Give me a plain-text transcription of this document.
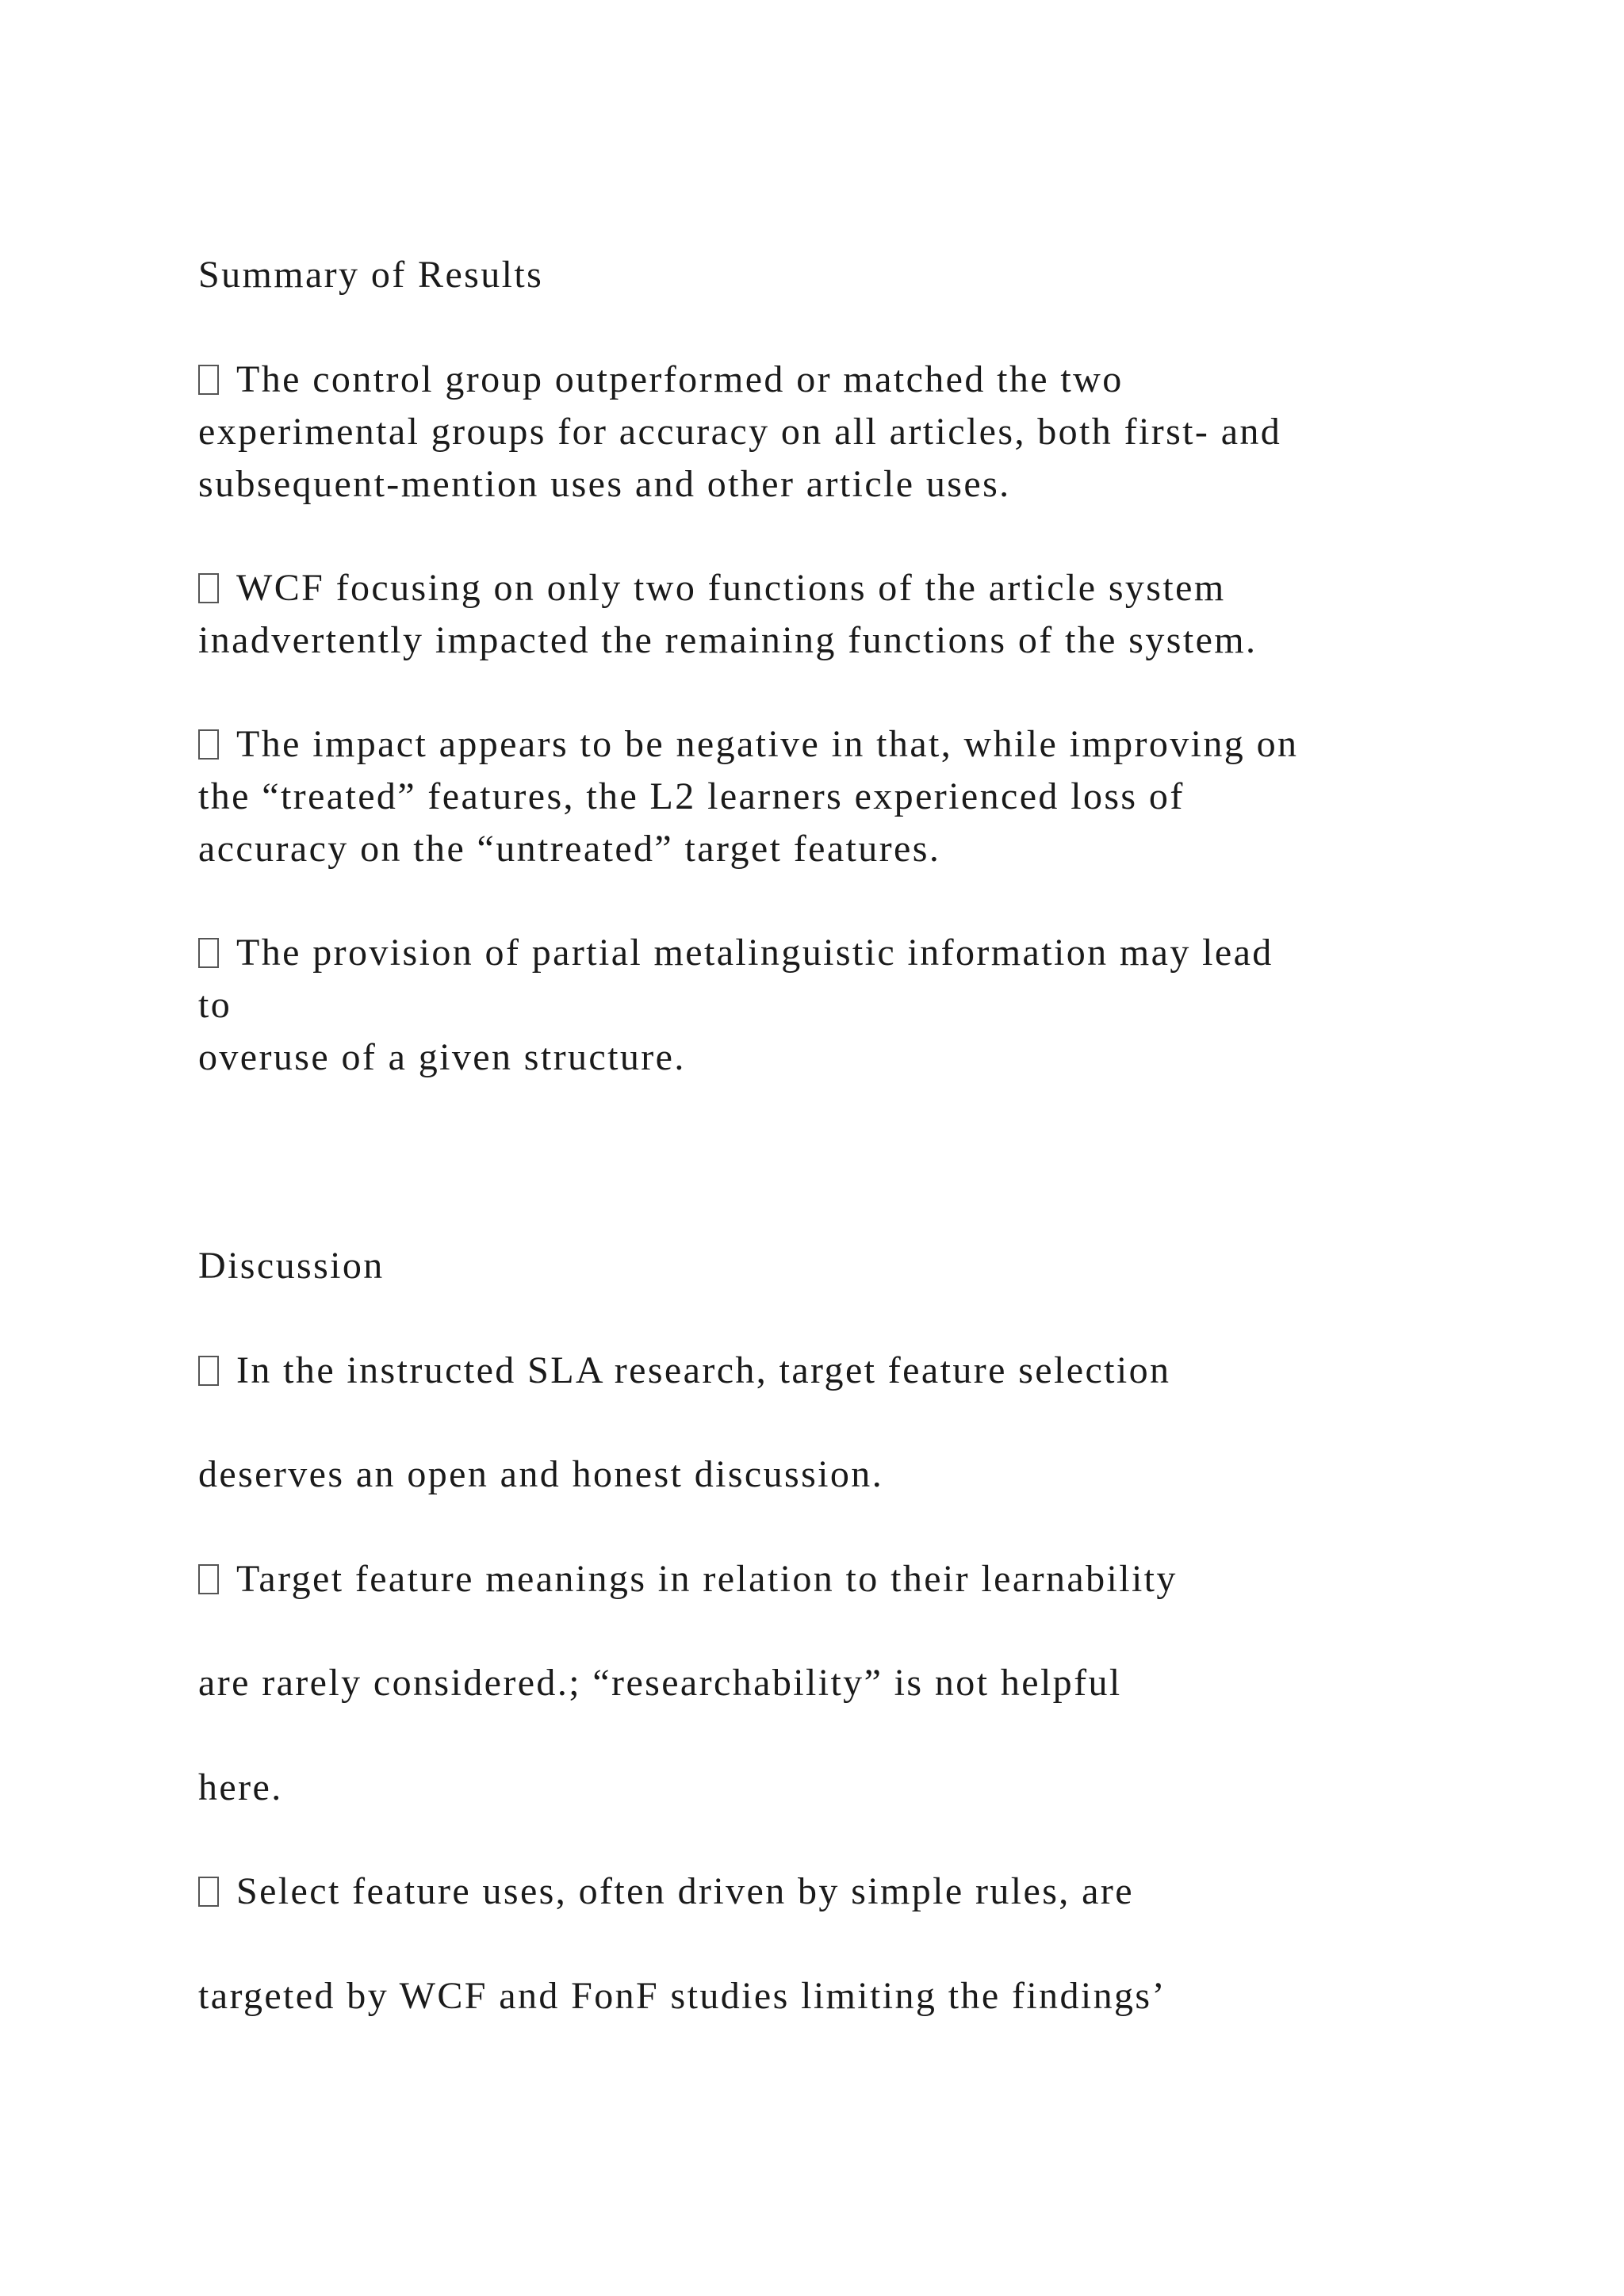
Summary of Results
The control group outperformed or matched the two
experimental groups for accuracy on all articles, both first- and
subsequent-mention uses and other article uses.
WCF focusing on only two functions of the article system
inadvertently impacted the remaining functions of the system.
The impact appears to be negative in that, while improving on
the “treated” features, the L2 learners experienced loss of
accuracy on the “untreated” target features.
The provision of partial metalinguistic information may lead
to
overuse of a given structure.
Discussion
In the instructed SLA research, target feature selection
deserves an open and honest discussion.
Target feature meanings in relation to their learnability
are rarely considered.; “researchability” is not helpful
here.
Select feature uses, often driven by simple rules, are
targeted by WCF and FonF studies limiting the findings’
